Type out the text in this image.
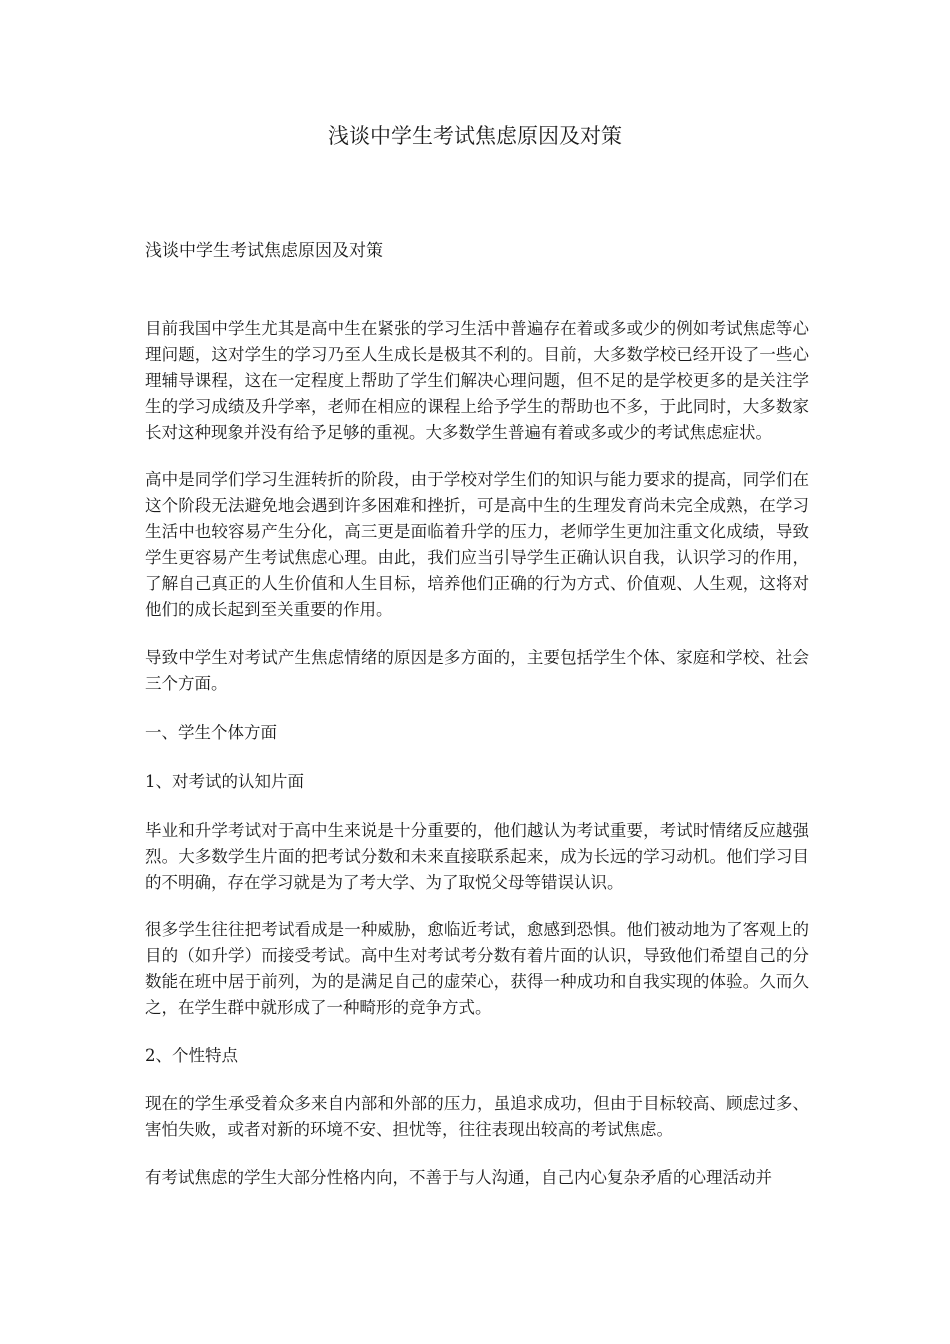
浅谈中学生考试焦虑原因及对策

浅谈中学生考试焦虑原因及对策

目前我国中学生尤其是高中生在紧张的学习生活中普遍存在着或多或少的例如考试焦虑等心理问题，这对学生的学习乃至人生成长是极其不利的。目前，大多数学校已经开设了一些心理辅导课程，这在一定程度上帮助了学生们解决心理问题，但不足的是学校更多的是关注学生的学习成绩及升学率，老师在相应的课程上给予学生的帮助也不多，于此同时，大多数家长对这种现象并没有给予足够的重视。大多数学生普遍有着或多或少的考试焦虑症状。

高中是同学们学习生涯转折的阶段，由于学校对学生们的知识与能力要求的提高，同学们在这个阶段无法避免地会遇到许多困难和挫折，可是高中生的生理发育尚未完全成熟，在学习生活中也较容易产生分化，高三更是面临着升学的压力，老师学生更加注重文化成绩，导致学生更容易产生考试焦虑心理。由此，我们应当引导学生正确认识自我，认识学习的作用，了解自己真正的人生价值和人生目标，培养他们正确的行为方式、价值观、人生观，这将对他们的成长起到至关重要的作用。

导致中学生对考试产生焦虑情绪的原因是多方面的，主要包括学生个体、家庭和学校、社会三个方面。

一、学生个体方面

1、对考试的认知片面

毕业和升学考试对于高中生来说是十分重要的，他们越认为考试重要，考试时情绪反应越强烈。大多数学生片面的把考试分数和未来直接联系起来，成为长远的学习动机。他们学习目的不明确，存在学习就是为了考大学、为了取悦父母等错误认识。

很多学生往往把考试看成是一种威胁，愈临近考试，愈感到恐惧。他们被动地为了客观上的目的（如升学）而接受考试。高中生对考试考分数有着片面的认识，导致他们希望自己的分数能在班中居于前列，为的是满足自己的虚荣心，获得一种成功和自我实现的体验。久而久之，在学生群中就形成了一种畸形的竞争方式。

2、个性特点

现在的学生承受着众多来自内部和外部的压力，虽追求成功，但由于目标较高、顾虑过多、害怕失败，或者对新的环境不安、担忧等，往往表现出较高的考试焦虑。

有考试焦虑的学生大部分性格内向，不善于与人沟通，自己内心复杂矛盾的心理活动并
